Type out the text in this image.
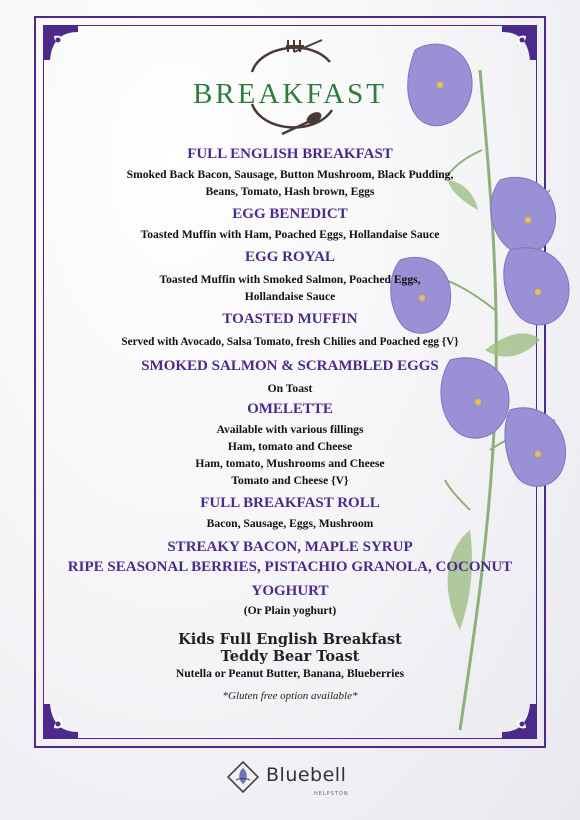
BREAKFAST
FULL ENGLISH BREAKFAST
Smoked Back Bacon, Sausage, Button Mushroom, Black Pudding,
Beans, Tomato, Hash brown, Eggs
EGG BENEDICT
Toasted Muffin with Ham, Poached Eggs, Hollandaise Sauce
EGG ROYAL
Toasted Muffin with Smoked Salmon, Poached Eggs,
Hollandaise Sauce
TOASTED MUFFIN
Served with Avocado, Salsa Tomato, fresh Chilies and Poached egg {V}
SMOKED SALMON & SCRAMBLED EGGS
On Toast
OMELETTE
Available with various fillings
Ham, tomato and Cheese
Ham, tomato, Mushrooms and Cheese
Tomato and Cheese {V}
FULL BREAKFAST ROLL
Bacon, Sausage, Eggs, Mushroom
STREAKY BACON, MAPLE SYRUP
RIPE SEASONAL BERRIES, PISTACHIO GRANOLA, COCONUT
YOGHURT
(Or Plain yoghurt)
Kids Full English Breakfast
Teddy Bear Toast
Nutella or Peanut Butter, Banana, Blueberries
*Gluten free option available*
Bluebell
HELPSTON
